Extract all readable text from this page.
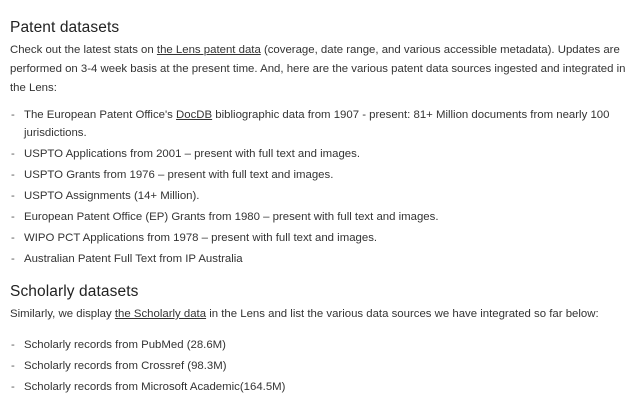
Patent datasets

Check out the latest stats on the Lens patent data (coverage, date range, and various accessible metadata). Updates are performed on 3-4 week basis at the present time. And, here are the various patent data sources ingested and integrated in the Lens:

- The European Patent Office's DocDB bibliographic data from 1907 - present: 81+ Million documents from nearly 100 jurisdictions.
- USPTO Applications from 2001 – present with full text and images.
- USPTO Grants from 1976 – present with full text and images.
- USPTO Assignments (14+ Million).
- European Patent Office (EP) Grants from 1980 – present with full text and images.
- WIPO PCT Applications from 1978 – present with full text and images.
- Australian Patent Full Text from IP Australia
Scholarly datasets

Similarly, we display the Scholarly data in the Lens and list the various data sources we have integrated so far below:

- Scholarly records from PubMed (28.6M)
- Scholarly records from Crossref (98.3M)
- Scholarly records from Microsoft Academic(164.5M)
